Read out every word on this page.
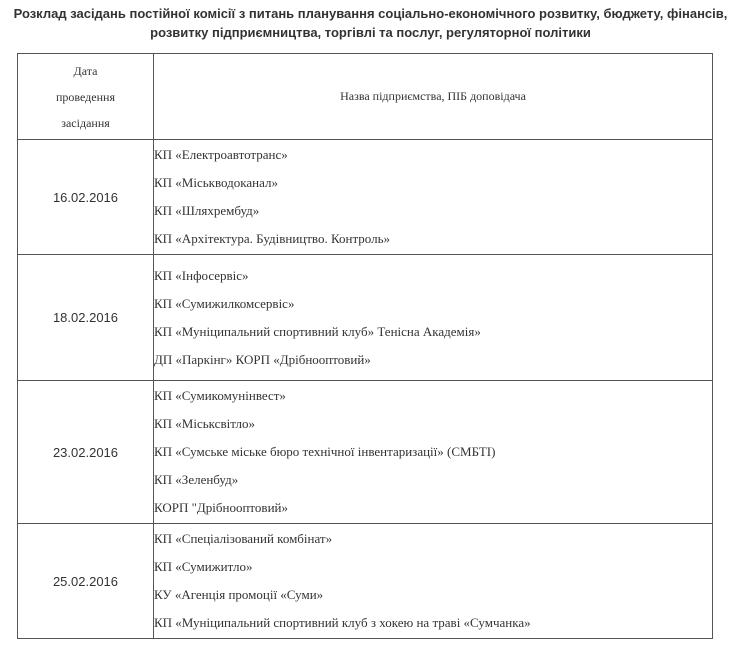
Розклад засідань постійної комісії з питань планування соціально-економічного розвитку, бюджету, фінансів,
розвитку підприємництва, торгівлі та послуг, регуляторної політики
Дата
проведення
засідання	Назва підприємства, ПІБ доповідача
16.02.2016	КП «Електроавтотранс»
КП «Міськводоканал»
КП «Шляхрембуд»
КП «Архітектура. Будівництво. Контроль»

18.02.2016	КП «Інфосервіс»
КП «Сумижилкомсервіс»
КП «Муніципальний спортивний клуб» Тенісна Академія»
ДП «Паркінг» КОРП «Дрібнооптовий»

23.02.2016	КП «Сумикомунінвест»
КП «Міськсвітло»
КП «Сумське міське бюро технічної інвентаризації» (СМБТІ)
КП «Зеленбуд»
КОРП "Дрібнооптовий»

25.02.2016	КП «Спеціалізований комбінат»
КП «Сумижитло»
КУ «Агенція промоції «Суми»
КП «Муніципальний спортивний клуб з хокею на траві «Сумчанка»
